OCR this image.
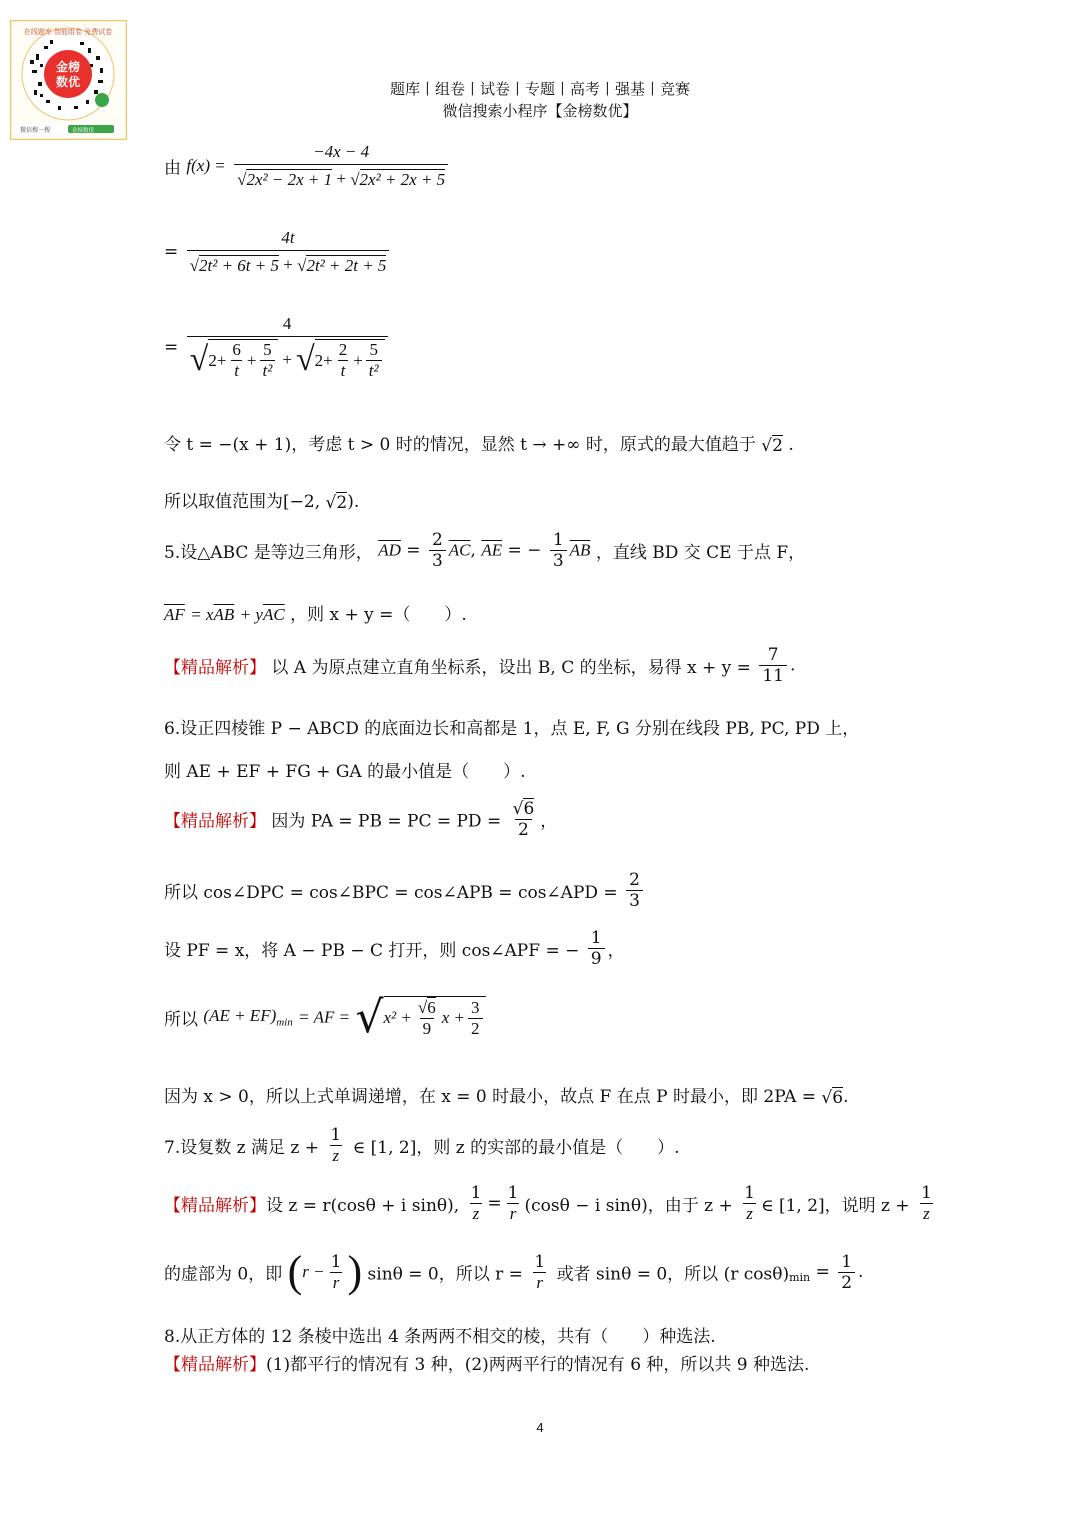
金榜
数优
在线题库 智能组卷 免费试卷
微信搜一搜	金榜数优
题库丨组卷丨试卷丨专题丨高考丨强基丨竞赛
微信搜索小程序【金榜数优】
由 $f(x) = \frac{-4x - 4}{\text{√2x² − 2x + 1 + √2x² + 2x + 5}}$
= $\frac{4t}{\text{√2t² + 6t + 5 + √2t² + 2t + 5}}$
=
4
√ $2 + \frac{6}{t} + \frac{5}{\text{t²}}$ + √ $2 + \frac{2}{t} + \frac{5}{\text{t²}}$
令 t = −(x + 1)，考虑 t > 0 时的情况，显然 t → +∞ 时，原式的最大值趋于 √2 .
所以取值范围为[−2, √2).
5.设△ABC 是等边三角形， $\overline{AD} = \frac{2}{3} \overline{AC}$, $\overline{AE}$ = − $\frac{1}{3} \overline{AB}$ ，直线 BD 交 CE 于点 F，
$\overline{AF} = x\overline{AB} + y\overline{AC}$ ，则 x + y =（　　）.
【精品解析】 以 A 为原点建立直角坐标系，设出 B, C 的坐标，易得 $x + y = \frac{7}{11}$ .
6.设正四棱锥 P − ABCD 的底面边长和高都是 1，点 E, F, G 分别在线段 PB, PC, PD 上，
则 AE + EF + FG + GA 的最小值是（　　）.
【精品解析】 因为 PA = PB = PC = PD = $\frac{√6}{2}$ ，
所以 cos∠DPC = cos∠BPC = cos∠APB = cos∠APD = $\frac{2}{3}$
设 PF = x，将 A − PB − C 打开，则 cos∠APF = − $\frac{1}{9}$ ，
所以 $(AE + EF)_{min}$ = AF = √ $x^2 + \frac{√6}{9}$ $x + \frac{3}{2}$
因为 x > 0，所以上式单调递增，在 x = 0 时最小，故点 F 在点 P 时最小，即 2PA = √6.
7.设复数 z 满足 $z + \frac{1}{z}$ ∈ [1, 2]，则 z 的实部的最小值是（　　）.
【精品解析】设 z = r(cosθ + i sinθ), $\frac{1}{z} = \frac{1}{r} (\cos\theta - i$ sinθ)，由于 $z + \frac{1}{z}$ ∈ [1, 2]，说明 $z + \frac{1}{z}$
的虚部为 0，即 ($r - \frac{1}{r}$ ) sinθ = 0，所以 $r = \frac{1}{r}$ 或者 sinθ = 0，所以 (r $\cos\theta)_{min} = \frac{1}{2}$ .
8.从正方体的 12 条棱中选出 4 条两两不相交的棱，共有（　　）种选法.
【精品解析】(1)都平行的情况有 3 种，(2)两两平行的情况有 6 种，所以共 9 种选法.
4
